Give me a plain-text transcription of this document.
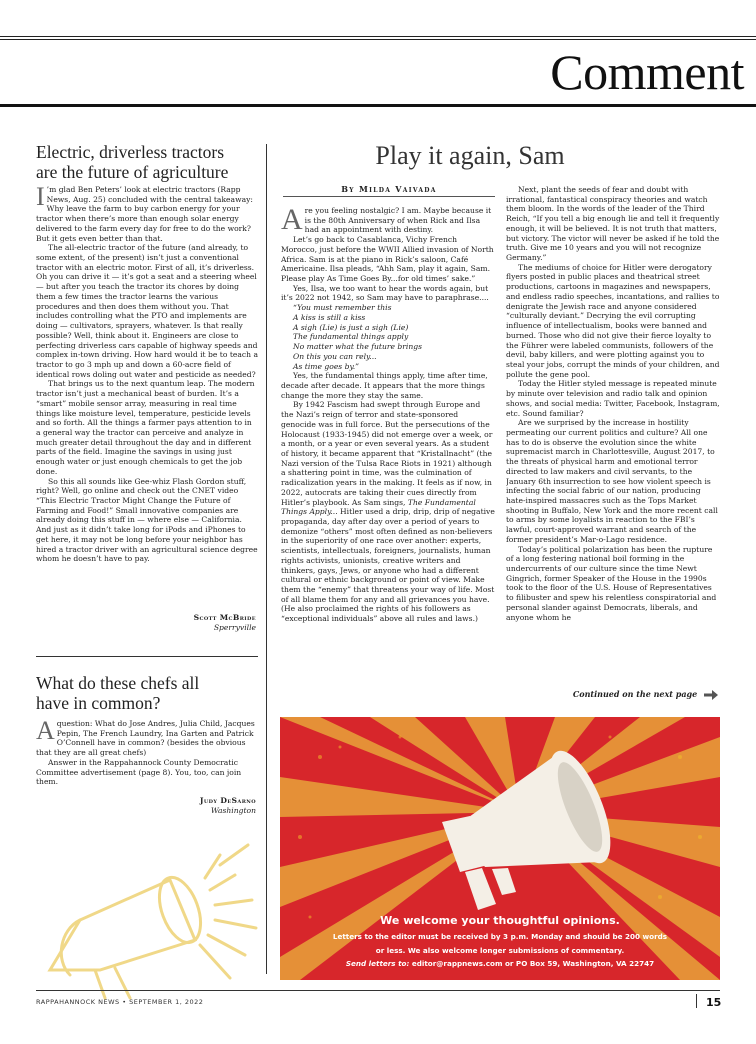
Comment
Electric, driverless tractors
are the future of agriculture

I ’m glad Ben Peters’ look at electric tractors (Rapp News, Aug. 25) concluded with the central takeaway: Why leave the farm to buy carbon energy for your tractor when there’s more than enough solar energy delivered to the farm every day for free to do the work? But it gets even better than that.

The all-electric tractor of the future (and already, to some extent, of the present) isn’t just a conventional tractor with an electric motor. First of all, it’s driverless. Oh you can drive it — it’s got a seat and a steering wheel — but after you teach the tractor its chores by doing them a few times the tractor learns the various procedures and then does them without you. That includes controlling what the PTO and implements are doing — cultivators, sprayers, whatever. Is that really possible? Well, think about it. Engineers are close to perfecting driverless cars capable of highway speeds and complex in-town driving. How hard would it be to teach a tractor to go 3 mph up and down a 60-acre field of identical rows doling out water and pesticide as needed?

That brings us to the next quantum leap. The modern tractor isn’t just a mechanical beast of burden. It’s a “smart” mobile sensor array, measuring in real time things like moisture level, temperature, pesticide levels and so forth. All the things a farmer pays attention to in a general way the tractor can perceive and analyze in much greater detail throughout the day and in different parts of the field. Imagine the savings in using just enough water or just enough chemicals to get the job done.

So this all sounds like Gee-whiz Flash Gordon stuff, right? Well, go online and check out the CNET video “This Electric Tractor Might Change the Future of Farming and Food!” Small innovative companies are already doing this stuff in — where else — California. And just as it didn’t take long for iPods and iPhones to get here, it may not be long before your neighbor has hired a tractor driver with an agricultural science degree whom he doesn’t have to pay.

Scott McBride
Sperryville
What do these chefs all
have in common?

A question: What do Jose Andres, Julia Child, Jacques Pepin, The French Laundry, Ina Garten and Patrick O’Connell have in common? (besides the obvious that they are all great chefs)

Answer in the Rappahannock County Democratic Committee advertisement (page 8). You, too, can join them.

Judy DeSarno
Washington
Play it again, Sam
By Milda Vaivada

Are you feeling nostalgic? I am. Maybe because it is the 80th Anniversary of when Rick and Ilsa had an appointment with destiny.

Let’s go back to Casablanca, Vichy French Morocco, just before the WWII Allied invasion of North Africa. Sam is at the piano in Rick’s saloon, Café Americaine. Ilsa pleads, “Ahh Sam, play it again, Sam. Please play As Time Goes By...for old times’ sake.”

Yes, Ilsa, we too want to hear the words again, but it’s 2022 not 1942, so Sam may have to paraphrase....

“You must remember this
A kiss is still a kiss
A sigh (Lie) is just a sigh (Lie)
The fundamental things apply
No matter what the future brings
On this you can rely...
As time goes by.”

Yes, the fundamental things apply, time after time, decade after decade. It appears that the more things change the more they stay the same.

By 1942 Fascism had swept through Europe and the Nazi’s reign of terror and state-sponsored genocide was in full force. But the persecutions of the Holocaust (1933-1945) did not emerge over a week, or a month, or a year or even several years. As a student of history, it became apparent that “Kristallnacht” (the Nazi version of the Tulsa Race Riots in 1921) although a shattering point in time, was the culmination of radicalization years in the making. It feels as if now, in 2022, autocrats are taking their cues directly from Hitler’s playbook. As Sam sings, The Fundamental Things Apply... Hitler used a drip, drip, drip of negative propaganda, day after day over a period of years to demonize “others” most often defined as non-believers in the superiority of one race over another: experts, scientists, intellectuals, foreigners, journalists, human rights activists, unionists, creative writers and thinkers, gays, Jews, or anyone who had a different cultural or ethnic background or point of view. Make them the “enemy” that threatens your way of life. Most of all blame them for any and all grievances you have. (He also proclaimed the rights of his followers as “exceptional individuals” above all rules and laws.)

Next, plant the seeds of fear and doubt with irrational, fantastical conspiracy theories and watch them bloom. In the words of the leader of the Third Reich, “If you tell a big enough lie and tell it frequently enough, it will be believed. It is not truth that matters, but victory. The victor will never be asked if he told the truth. Give me 10 years and you will not recognize Germany.”

The mediums of choice for Hitler were derogatory flyers posted in public places and theatrical street productions, cartoons in magazines and newspapers, and endless radio speeches, incantations, and rallies to denigrate the Jewish race and anyone considered “culturally deviant.” Decrying the evil corrupting influence of intellectualism, books were banned and burned. Those who did not give their fierce loyalty to the Führer were labeled communists, followers of the devil, baby killers, and were plotting against you to steal your jobs, corrupt the minds of your children, and pollute the gene pool.

Today the Hitler styled message is repeated minute by minute over television and radio talk and opinion shows, and social media: Twitter, Facebook, Instagram, etc. Sound familiar?

Are we surprised by the increase in hostility permeating our current politics and culture? All one has to do is observe the evolution since the white supremacist march in Charlottesville, August 2017, to the threats of physical harm and emotional terror directed to law makers and civil servants, to the January 6th insurrection to see how violent speech is infecting the social fabric of our nation, producing hate-inspired massacres such as the Tops Market shooting in Buffalo, New York and the more recent call to arms by some loyalists in reaction to the FBI’s lawful, court-approved warrant and search of the former president’s Mar-o-Lago residence.

Today’s political polarization has been the rupture of a long festering national boil forming in the undercurrents of our culture since the time Newt Gingrich, former Speaker of the House in the 1990s took to the floor of the U.S. House of Representatives to filibuster and spew his relentless conspiratorial and personal slander against Democrats, liberals, and anyone whom he

Continued on the next page
We welcome your thoughtful opinions.
Letters to the editor must be received by 3 p.m. Monday and should be 200 words
or less. We also welcome longer submissions of commentary.
Send letters to: editor@rappnews.com or PO Box 59, Washington, VA 22747
RAPPAHANNOCK NEWS • SEPTEMBER 1, 2022	15
